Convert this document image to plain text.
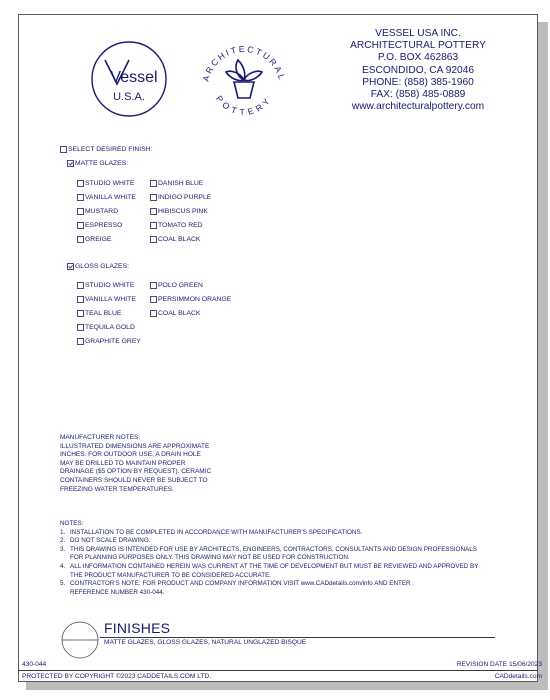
Vessel
U.S.A.
ARCHITECTURAL
POTTERY
VESSEL USA INC.
ARCHITECTURAL POTTERY
P.O. BOX 462863
ESCONDIDO, CA 92046
PHONE: (858) 385-1960
FAX: (858) 485-0889
www.architecturalpottery.com
SELECT DESIRED FINISH:
MATTE GLAZES:
STUDIO WHITE
VANILLA WHITE
MUSTARD
ESPRESSO
GREIGE
DANISH BLUE
INDIGO PURPLE
HIBISCUS PINK
TOMATO RED
COAL BLACK
GLOSS GLAZES:
STUDIO WHITE
VANILLA WHITE
TEAL BLUE
TEQUILA GOLD
GRAPHITE GREY
POLO GREEN
PERSIMMON ORANGE
COAL BLACK
MANUFACTURER NOTES:
ILLUSTRATED DIMENSIONS ARE APPROXIMATE
INCHES. FOR OUTDOOR USE, A DRAIN HOLE
MAY BE DRILLED TO MAINTAIN PROPER
DRAINAGE ($5 OPTION BY REQUEST). CERAMIC
CONTAINERS SHOULD NEVER BE SUBJECT TO
FREEZING WATER TEMPERATURES.
NOTES:
1. INSTALLATION TO BE COMPLETED IN ACCORDANCE WITH MANUFACTURER'S SPECIFICATIONS.
2. DO NOT SCALE DRAWING.
3. THIS DRAWING IS INTENDED FOR USE BY ARCHITECTS, ENGINEERS, CONTRACTORS, CONSULTANTS AND DESIGN PROFESSIONALS
FOR PLANNING PURPOSES ONLY. THIS DRAWING MAY NOT BE USED FOR CONSTRUCTION.
4. ALL INFORMATION CONTAINED HEREIN WAS CURRENT AT THE TIME OF DEVELOPMENT BUT MUST BE REVIEWED AND APPROVED BY
THE PRODUCT MANUFACTURER TO BE CONSIDERED ACCURATE.
5. CONTRACTOR'S NOTE: FOR PRODUCT AND COMPANY INFORMATION VISIT www.CADdetails.com/info AND ENTER
REFERENCE NUMBER 430-044.
FINISHES
MATTE GLAZES, GLOSS GLAZES, NATURAL UNGLAZED BISQUE
430-044	REVISION DATE 15/06/2023
PROTECTED BY COPYRIGHT ©2023 CADDETAILS.COM LTD.	CADdetails.com
